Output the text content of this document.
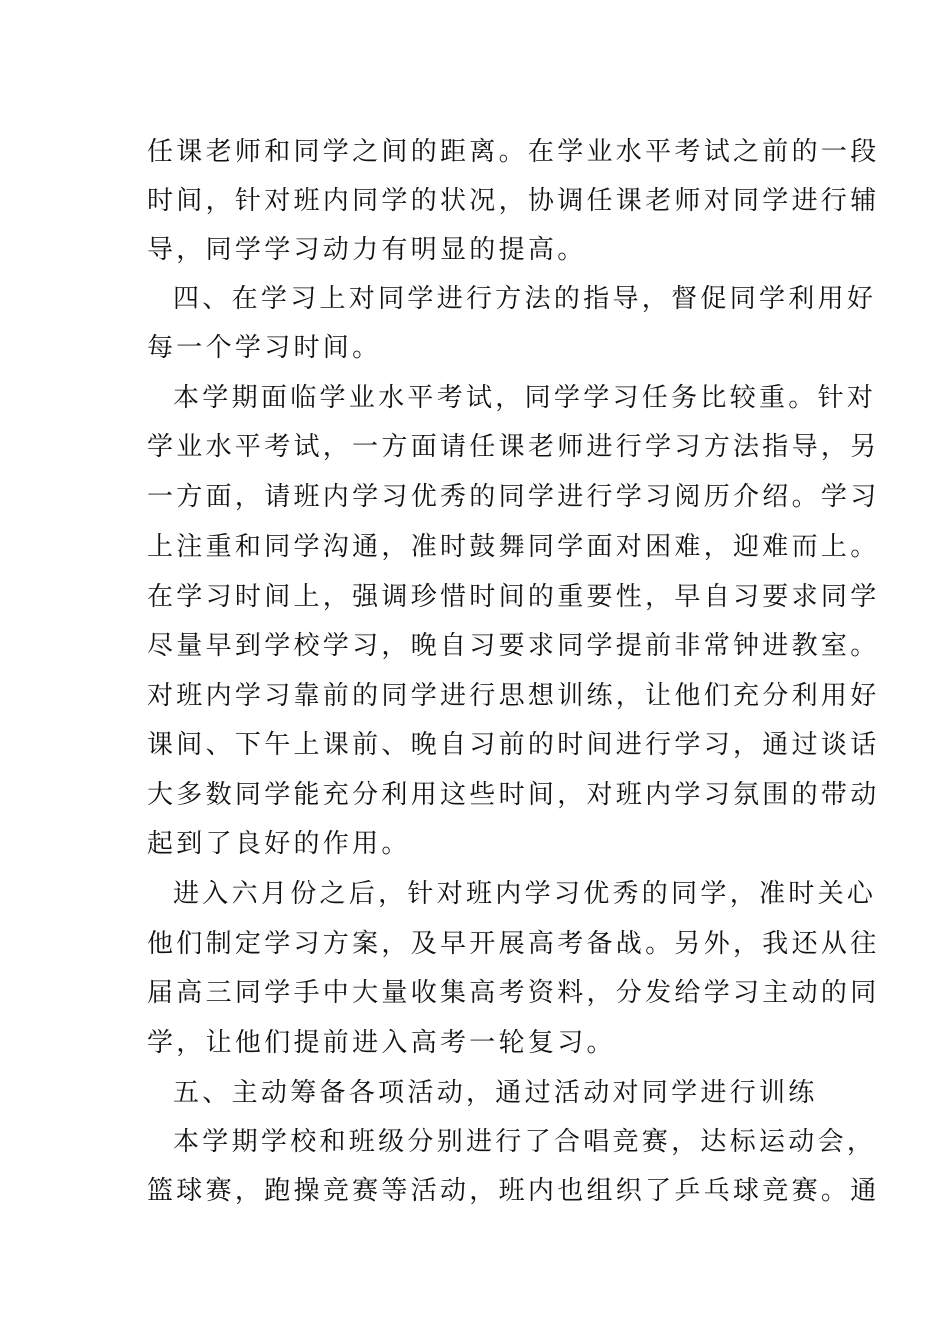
任课老师和同学之间的距离。在学业水平考试之前的一段
时间，针对班内同学的状况，协调任课老师对同学进行辅
导，同学学习动力有明显的提高。
四、在学习上对同学进行方法的指导，督促同学利用好
每一个学习时间。
本学期面临学业水平考试，同学学习任务比较重。针对
学业水平考试，一方面请任课老师进行学习方法指导，另
一方面，请班内学习优秀的同学进行学习阅历介绍。学习
上注重和同学沟通，准时鼓舞同学面对困难，迎难而上。
在学习时间上，强调珍惜时间的重要性，早自习要求同学
尽量早到学校学习，晚自习要求同学提前非常钟进教室。
对班内学习靠前的同学进行思想训练，让他们充分利用好
课间、下午上课前、晚自习前的时间进行学习，通过谈话
大多数同学能充分利用这些时间，对班内学习氛围的带动
起到了良好的作用。
进入六月份之后，针对班内学习优秀的同学，准时关心
他们制定学习方案，及早开展高考备战。另外，我还从往
届高三同学手中大量收集高考资料，分发给学习主动的同
学，让他们提前进入高考一轮复习。
五、主动筹备各项活动，通过活动对同学进行训练
本学期学校和班级分别进行了合唱竞赛，达标运动会，
篮球赛，跑操竞赛等活动，班内也组织了乒乓球竞赛。通
